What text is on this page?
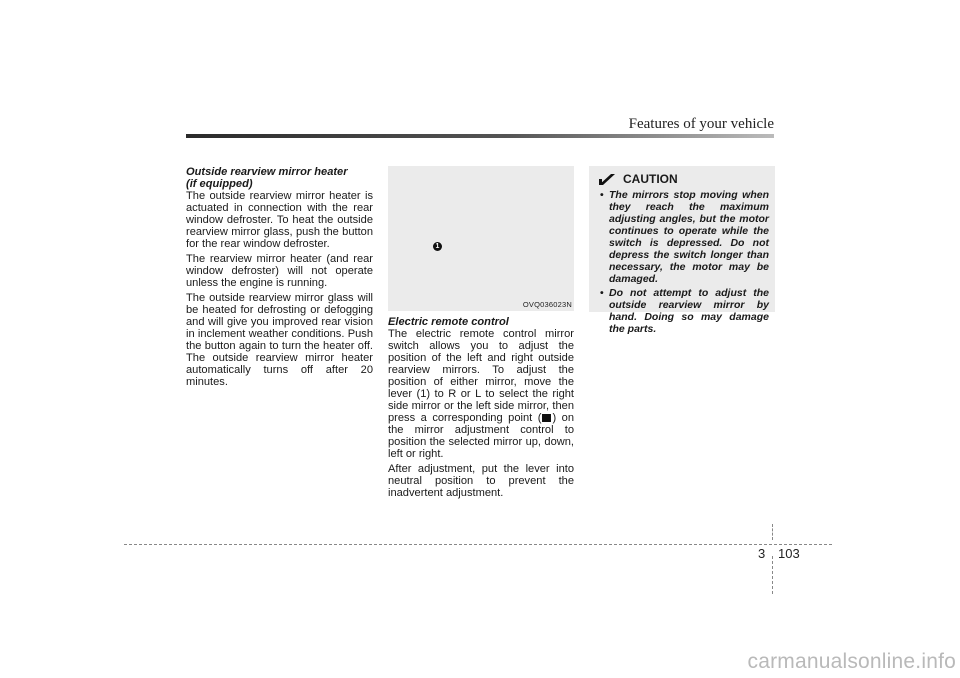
Features of your vehicle
Outside rearview mirror heater
(if equipped)

The outside rearview mirror heater is actuated in connection with the rear window defroster. To heat the outside rearview mirror glass, push the button for the rear window defroster.

The rearview mirror heater (and rear window defroster) will not operate unless the engine is running.

The outside rearview mirror glass will be heated for defrosting or defogging and will give you improved rear vision in inclement weather conditions. Push the button again to turn the heater off. The outside rearview mirror heater automatically turns off after 20 minutes.

1
OVQ036023N
Electric remote control

The electric remote control mirror switch allows you to adjust the position of the left and right outside rearview mirrors. To adjust the position of either mirror, move the lever (1) to R or L to select the right side mirror or the left side mirror, then press a corresponding point ( ) on the mirror adjustment control to position the selected mirror up, down, left or right.

After adjustment, put the lever into neutral position to prevent the inadvertent adjustment.

CAUTION
• The mirrors stop moving when they reach the maximum adjusting angles, but the motor continues to operate while the switch is depressed. Do not depress the switch longer than necessary, the motor may be damaged.
• Do not attempt to adjust the outside rearview mirror by hand. Doing so may damage the parts.
3 103
carmanualsonline.info
